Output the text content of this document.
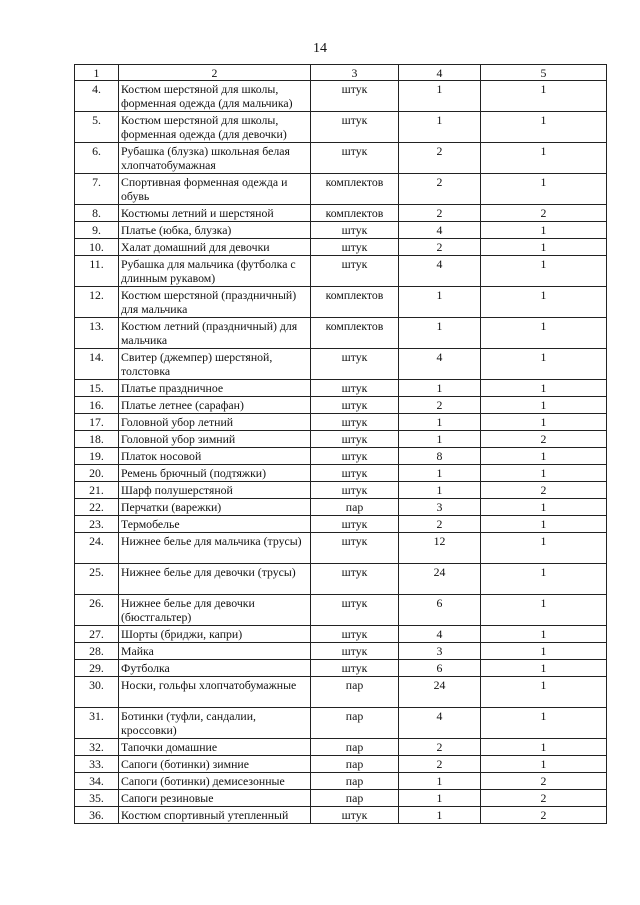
14
1	2	3	4	5
4.	Костюм шерстяной для школы, форменная одежда (для мальчика)	штук	1	1
5.	Костюм шерстяной для школы, форменная одежда (для девочки)	штук	1	1
6.	Рубашка (блузка) школьная белая хлопчатобумажная	штук	2	1
7.	Спортивная форменная одежда и обувь	комплектов	2	1
8.	Костюмы летний и шерстяной	комплектов	2	2
9.	Платье (юбка, блузка)	штук	4	1
10.	Халат домашний для девочки	штук	2	1
11.	Рубашка для мальчика (футболка с длинным рукавом)	штук	4	1
12.	Костюм шерстяной (праздничный) для мальчика	комплектов	1	1
13.	Костюм летний (праздничный) для мальчика	комплектов	1	1
14.	Свитер (джемпер) шерстяной, толстовка	штук	4	1
15.	Платье праздничное	штук	1	1
16.	Платье летнее (сарафан)	штук	2	1
17.	Головной убор летний	штук	1	1
18.	Головной убор зимний	штук	1	2
19.	Платок носовой	штук	8	1
20.	Ремень брючный (подтяжки)	штук	1	1
21.	Шарф полушерстяной	штук	1	2
22.	Перчатки (варежки)	пар	3	1
23.	Термобелье	штук	2	1
24.	Нижнее белье для мальчика (трусы)	штук	12	1
25.	Нижнее белье для девочки (трусы)	штук	24	1
26.	Нижнее белье для девочки (бюстгальтер)	штук	6	1
27.	Шорты (бриджи, капри)	штук	4	1
28.	Майка	штук	3	1
29.	Футболка	штук	6	1
30.	Носки, гольфы хлопчатобумажные	пар	24	1
31.	Ботинки (туфли, сандалии, кроссовки)	пар	4	1
32.	Тапочки домашние	пар	2	1
33.	Сапоги (ботинки) зимние	пар	2	1
34.	Сапоги (ботинки) демисезонные	пар	1	2
35.	Сапоги резиновые	пар	1	2
36.	Костюм спортивный утепленный	штук	1	2
